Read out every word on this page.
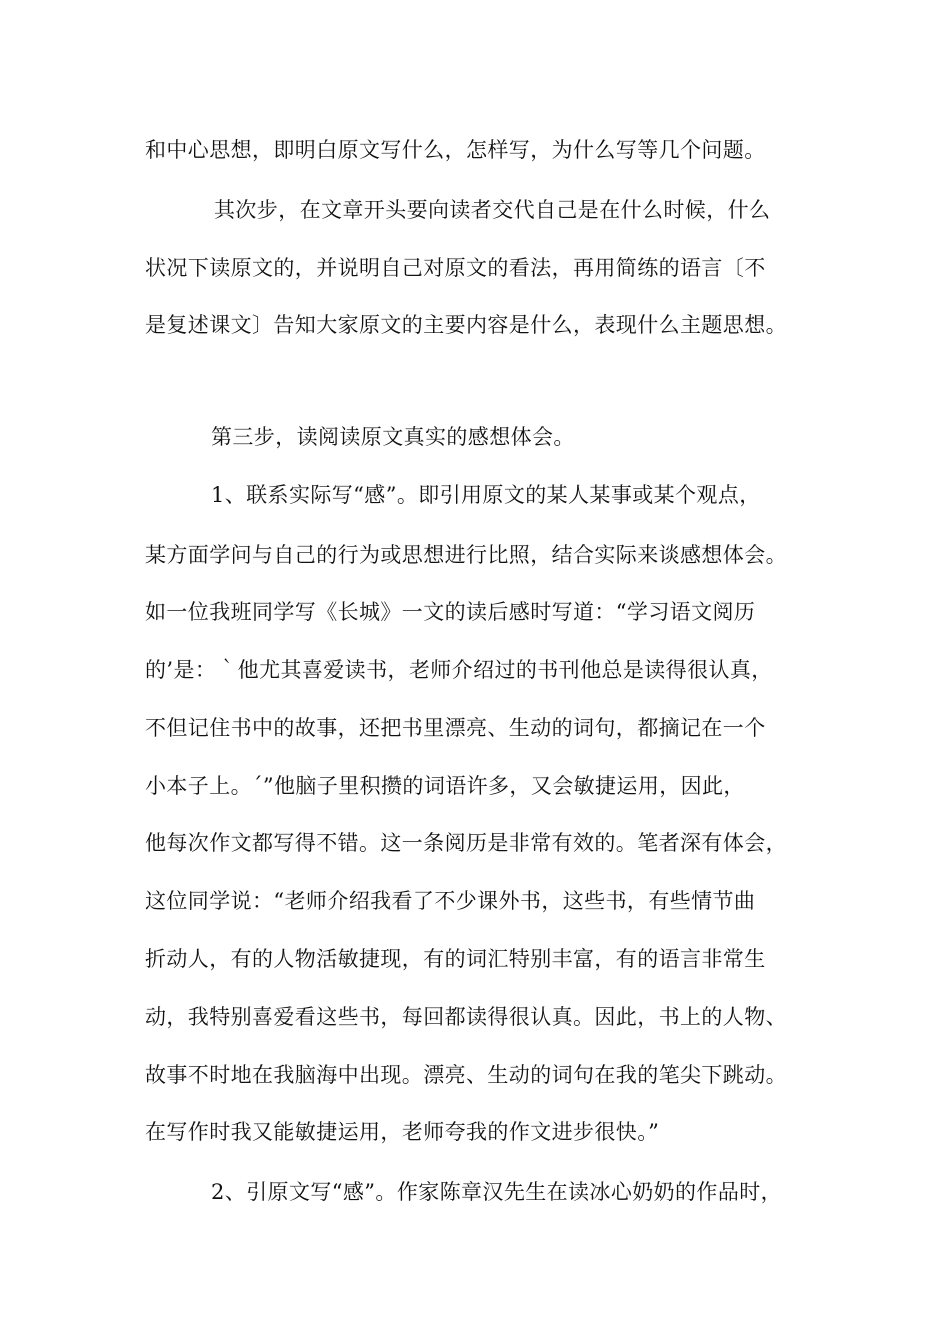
和中心思想，即明白原文写什么，怎样写，为什么写等几个问题。
其次步，在文章开头要向读者交代自己是在什么时候，什么
状况下读原文的，并说明自己对原文的看法，再用简练的语言〔不
是复述课文〕告知大家原文的主要内容是什么，表现什么主题思想。
第三步，读阅读原文真实的感想体会。
1、联系实际写“感”。即引用原文的某人某事或某个观点，
某方面学问与自己的行为或思想进行比照，结合实际来谈感想体会。
如一位我班同学写《长城》一文的读后感时写道：“学习语文阅历
的’是：｀他尤其喜爱读书，老师介绍过的书刊他总是读得很认真，
不但记住书中的故事，还把书里漂亮、生动的词句，都摘记在一个
小本子上。´”他脑子里积攒的词语许多，又会敏捷运用，因此，
他每次作文都写得不错。这一条阅历是非常有效的。笔者深有体会，
这位同学说：“老师介绍我看了不少课外书，这些书，有些情节曲
折动人，有的人物活敏捷现，有的词汇特别丰富，有的语言非常生
动，我特别喜爱看这些书，每回都读得很认真。因此，书上的人物、
故事不时地在我脑海中出现。漂亮、生动的词句在我的笔尖下跳动。
在写作时我又能敏捷运用，老师夸我的作文进步很快。”
2、引原文写“感”。作家陈章汉先生在读冰心奶奶的作品时，
